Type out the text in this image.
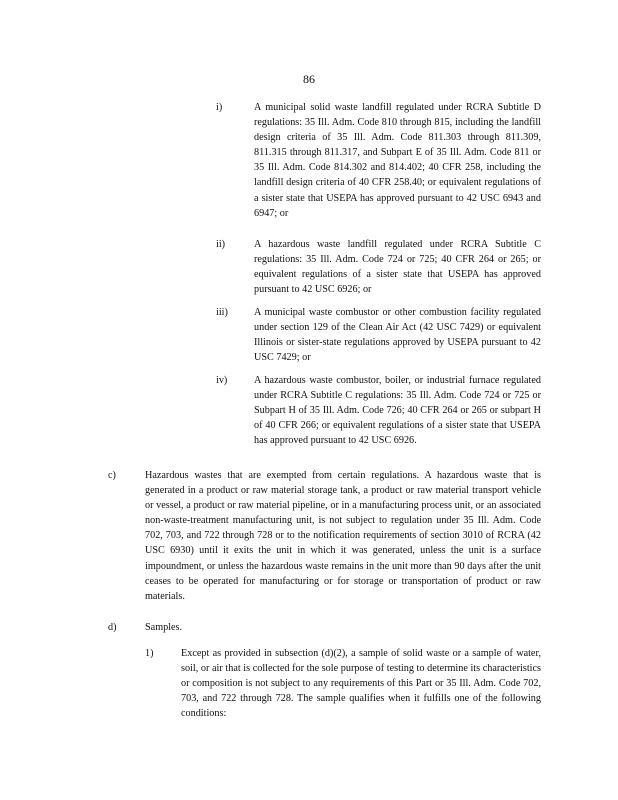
86
i)	A municipal solid waste landfill regulated under RCRA Subtitle D regulations: 35 Ill. Adm. Code 810 through 815, including the landfill design criteria of 35 Ill. Adm. Code 811.303 through 811.309, 811.315 through 811.317, and Subpart E of 35 Ill. Adm. Code 811 or 35 Ill. Adm. Code 814.302 and 814.402; 40 CFR 258, including the landfill design criteria of 40 CFR 258.40; or equivalent regulations of a sister state that USEPA has approved pursuant to 42 USC 6943 and 6947; or
ii)	A hazardous waste landfill regulated under RCRA Subtitle C regulations: 35 Ill. Adm. Code 724 or 725; 40 CFR 264 or 265; or equivalent regulations of a sister state that USEPA has approved pursuant to 42 USC 6926; or
iii)	A municipal waste combustor or other combustion facility regulated under section 129 of the Clean Air Act (42 USC 7429) or equivalent Illinois or sister-state regulations approved by USEPA pursuant to 42 USC 7429; or
iv)	A hazardous waste combustor, boiler, or industrial furnace regulated under RCRA Subtitle C regulations: 35 Ill. Adm. Code 724 or 725 or Subpart H of 35 Ill. Adm. Code 726; 40 CFR 264 or 265 or subpart H of 40 CFR 266; or equivalent regulations of a sister state that USEPA has approved pursuant to 42 USC 6926.
c)	Hazardous wastes that are exempted from certain regulations. A hazardous waste that is generated in a product or raw material storage tank, a product or raw material transport vehicle or vessel, a product or raw material pipeline, or in a manufacturing process unit, or an associated non-waste-treatment manufacturing unit, is not subject to regulation under 35 Ill. Adm. Code 702, 703, and 722 through 728 or to the notification requirements of section 3010 of RCRA (42 USC 6930) until it exits the unit in which it was generated, unless the unit is a surface impoundment, or unless the hazardous waste remains in the unit more than 90 days after the unit ceases to be operated for manufacturing or for storage or transportation of product or raw materials.
d)	Samples.
1)	Except as provided in subsection (d)(2), a sample of solid waste or a sample of water, soil, or air that is collected for the sole purpose of testing to determine its characteristics or composition is not subject to any requirements of this Part or 35 Ill. Adm. Code 702, 703, and 722 through 728. The sample qualifies when it fulfills one of the following conditions:
